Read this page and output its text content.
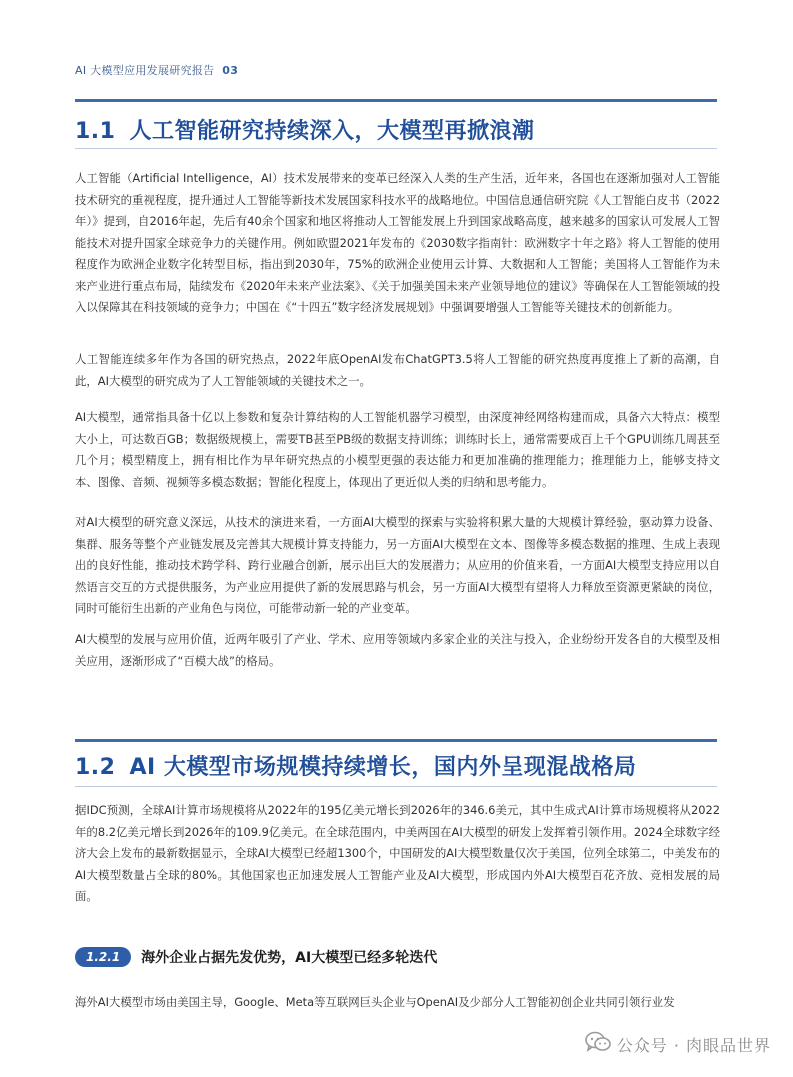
AI 大模型应用发展研究报告 03
1.1 人工智能研究持续深入，大模型再掀浪潮

人工智能（Artificial Intelligence，AI）技术发展带来的变革已经深入人类的生产生活，近年来，各国也在逐渐加强对人工智能技术研究的重视程度，提升通过人工智能等新技术发展国家科技水平的战略地位。中国信息通信研究院《人工智能白皮书（2022年）》提到，自2016年起，先后有40余个国家和地区将推动人工智能发展上升到国家战略高度，越来越多的国家认可发展人工智能技术对提升国家全球竞争力的关键作用。例如欧盟2021年发布的《2030数字指南针：欧洲数字十年之路》将人工智能的使用程度作为欧洲企业数字化转型目标，指出到2030年，75%的欧洲企业使用云计算、大数据和人工智能；美国将人工智能作为未来产业进行重点布局，陆续发布《2020年未来产业法案》、《关于加强美国未来产业领导地位的建议》等确保在人工智能领域的投入以保障其在科技领域的竞争力；中国在《“十四五”数字经济发展规划》中强调要增强人工智能等关键技术的创新能力。

人工智能连续多年作为各国的研究热点，2022年底OpenAI发布ChatGPT3.5将人工智能的研究热度再度推上了新的高潮，自此，AI大模型的研究成为了人工智能领域的关键技术之一。

AI大模型，通常指具备十亿以上参数和复杂计算结构的人工智能机器学习模型，由深度神经网络构建而成，具备六大特点：模型大小上，可达数百GB；数据级规模上，需要TB甚至PB级的数据支持训练；训练时长上，通常需要成百上千个GPU训练几周甚至几个月；模型精度上，拥有相比作为早年研究热点的小模型更强的表达能力和更加准确的推理能力；推理能力上，能够支持文本、图像、音频、视频等多模态数据；智能化程度上，体现出了更近似人类的归纳和思考能力。

对AI大模型的研究意义深远，从技术的演进来看，一方面AI大模型的探索与实验将积累大量的大规模计算经验，驱动算力设备、集群、服务等整个产业链发展及完善其大规模计算支持能力，另一方面AI大模型在文本、图像等多模态数据的推理、生成上表现出的良好性能，推动技术跨学科、跨行业融合创新，展示出巨大的发展潜力；从应用的价值来看，一方面AI大模型支持应用以自然语言交互的方式提供服务，为产业应用提供了新的发展思路与机会，另一方面AI大模型有望将人力释放至资源更紧缺的岗位，同时可能衍生出新的产业角色与岗位，可能带动新一轮的产业变革。

AI大模型的发展与应用价值，近两年吸引了产业、学术、应用等领域内多家企业的关注与投入，企业纷纷开发各自的大模型及相关应用，逐渐形成了“百模大战”的格局。

1.2 AI 大模型市场规模持续增长，国内外呈现混战格局

据IDC预测，全球AI计算市场规模将从2022年的195亿美元增长到2026年的346.6美元，其中生成式AI计算市场规模将从2022年的8.2亿美元增长到2026年的109.9亿美元。在全球范围内，中美两国在AI大模型的研发上发挥着引领作用。2024全球数字经济大会上发布的最新数据显示，全球AI大模型已经超1300个，中国研发的AI大模型数量仅次于美国，位列全球第二，中美发布的AI大模型数量占全球的80%。其他国家也正加速发展人工智能产业及AI大模型，形成国内外AI大模型百花齐放、竞相发展的局面。

1.2.1	海外企业占据先发优势，AI大模型已经多轮迭代

海外AI大模型市场由美国主导，Google、Meta等互联网巨头企业与OpenAI及少部分人工智能初创企业共同引领行业发

公众号 · 肉眼品世界
